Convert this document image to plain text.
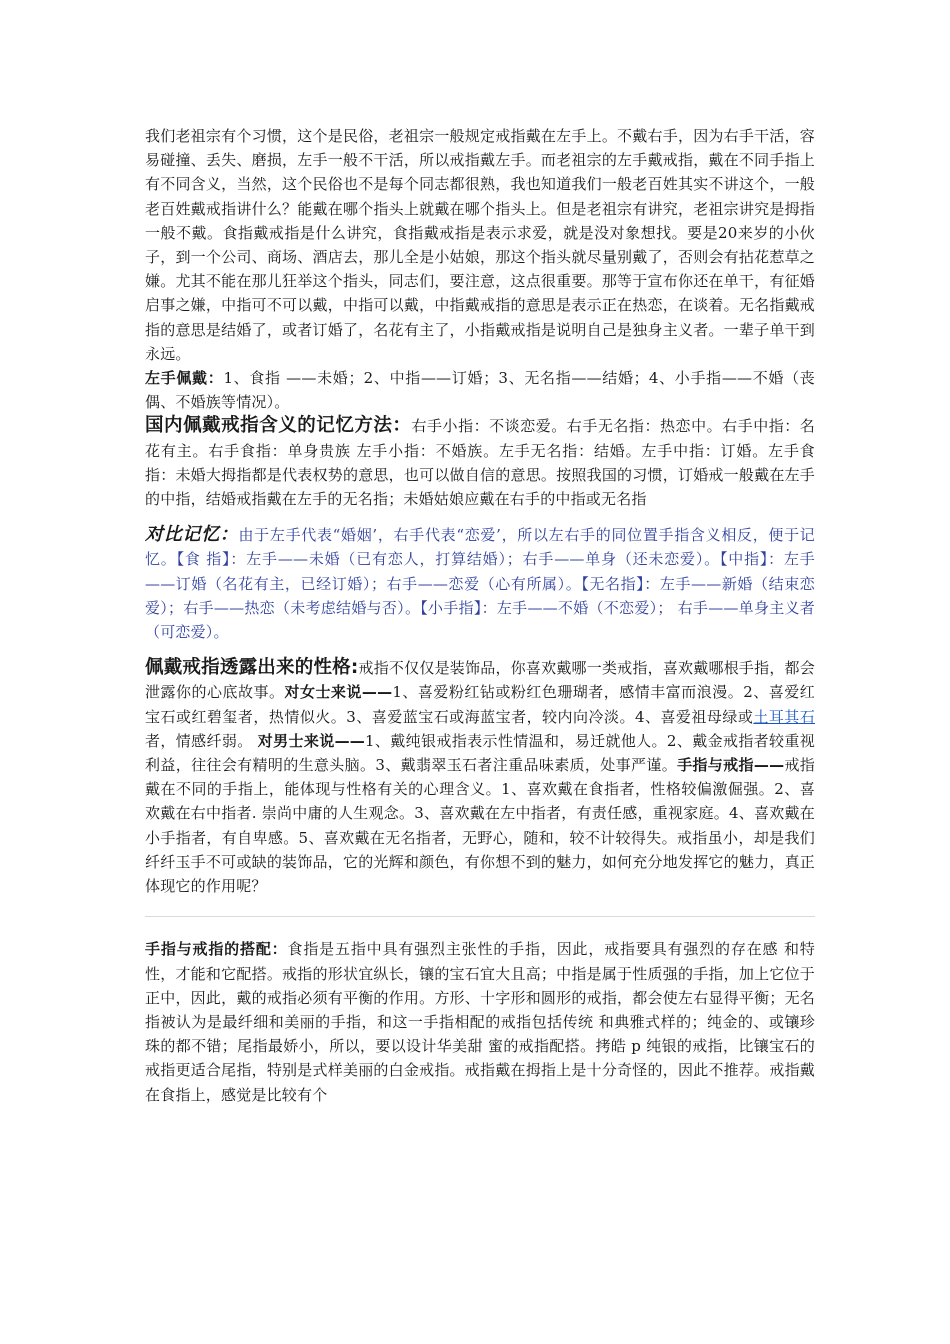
我们老祖宗有个习惯，这个是民俗，老祖宗一般规定戒指戴在左手上。不戴右手，因为右手干活，容易碰撞、丢失、磨损，左手一般不干活，所以戒指戴左手。而老祖宗的左手戴戒指，戴在不同手指上有不同含义，当然，这个民俗也不是每个同志都很熟，我也知道我们一般老百姓其实不讲这个，一般老百姓戴戒指讲什么？能戴在哪个指头上就戴在哪个指头上。但是老祖宗有讲究，老祖宗讲究是拇指一般不戴。食指戴戒指是什么讲究，食指戴戒指是表示求爱，就是没对象想找。要是20来岁的小伙子，到一个公司、商场、酒店去，那儿全是小姑娘，那这个指头就尽量别戴了，否则会有拈花惹草之嫌。尤其不能在那儿狂举这个指头，同志们，要注意，这点很重要。那等于宣布你还在单干，有征婚启事之嫌，中指可不可以戴，中指可以戴，中指戴戒指的意思是表示正在热恋，在谈着。无名指戴戒指的意思是结婚了，或者订婚了，名花有主了，小指戴戒指是说明自己是独身主义者。一辈子单干到永远。

左手佩戴：1、食指 ——未婚；2、中指——订婚；3、无名指——结婚；4、小手指——不婚（丧偶、不婚族等情况）。

国内佩戴戒指含义的记忆方法：右手小指：不谈恋爱。右手无名指：热恋中。右手中指：名花有主。右手食指：单身贵族 左手小指：不婚族。左手无名指：结婚。左手中指：订婚。左手食指：未婚大拇指都是代表权势的意思，也可以做自信的意思。按照我国的习惯，订婚戒一般戴在左手的中指，结婚戒指戴在左手的无名指；未婚姑娘应戴在右手的中指或无名指

对比记忆：由于左手代表“婚姻’，右手代表“恋爱’，所以左右手的同位置手指含义相反，便于记忆。【食 指】：左手——未婚（已有恋人，打算结婚）；右手——单身（还未恋爱）。【中指】：左手——订婚（名花有主，已经订婚）；右手——恋爱（心有所属）。【无名指】：左手——新婚（结束恋爱）；右手——热恋（未考虑结婚与否）。【小手指】：左手——不婚（不恋爱）； 右手——单身主义者（可恋爱）。

佩戴戒指透露出来的性格:戒指不仅仅是装饰品，你喜欢戴哪一类戒指，喜欢戴哪根手指，都会泄露你的心底故事。对女士来说——1、喜爱粉红钻或粉红色珊瑚者，感情丰富而浪漫。2、喜爱红宝石或红碧玺者，热情似火。3、喜爱蓝宝石或海蓝宝者，较内向冷淡。4、喜爱祖母绿或土耳其石者，情感纤弱。 对男士来说——1、戴纯银戒指表示性情温和，易迁就他人。2、戴金戒指者较重视利益，往往会有精明的生意头脑。3、戴翡翠玉石者注重品味素质，处事严谨。手指与戒指——戒指戴在不同的手指上，能体现与性格有关的心理含义。1、喜欢戴在食指者，性格较偏激倔强。2、喜欢戴在右中指者. 崇尚中庸的人生观念。3、喜欢戴在左中指者，有责任感，重视家庭。4、喜欢戴在小手指者，有自卑感。5、喜欢戴在无名指者，无野心，随和，较不计较得失。戒指虽小，却是我们纤纤玉手不可或缺的装饰品，它的光辉和颜色，有你想不到的魅力，如何充分地发挥它的魅力，真正体现它的作用呢？

手指与戒指的搭配：食指是五指中具有强烈主张性的手指，因此，戒指要具有强烈的存在感 和特性，才能和它配搭。戒指的形状宜纵长，镶的宝石宜大且高；中指是属于性质强的手指，加上它位于正中，因此，戴的戒指必须有平衡的作用。方形、十字形和圆形的戒指，都会使左右显得平衡；无名指被认为是最纤细和美丽的手指，和这一手指相配的戒指包括传统 和典雅式样的；纯金的、或镶珍珠的都不错；尾指最娇小，所以，要以设计华美甜 蜜的戒指配搭。拷皓 p 纯银的戒指，比镶宝石的戒指更适合尾指，特别是式样美丽的白金戒指。戒指戴在拇指上是十分奇怪的，因此不推荐。戒指戴在食指上，感觉是比较有个
